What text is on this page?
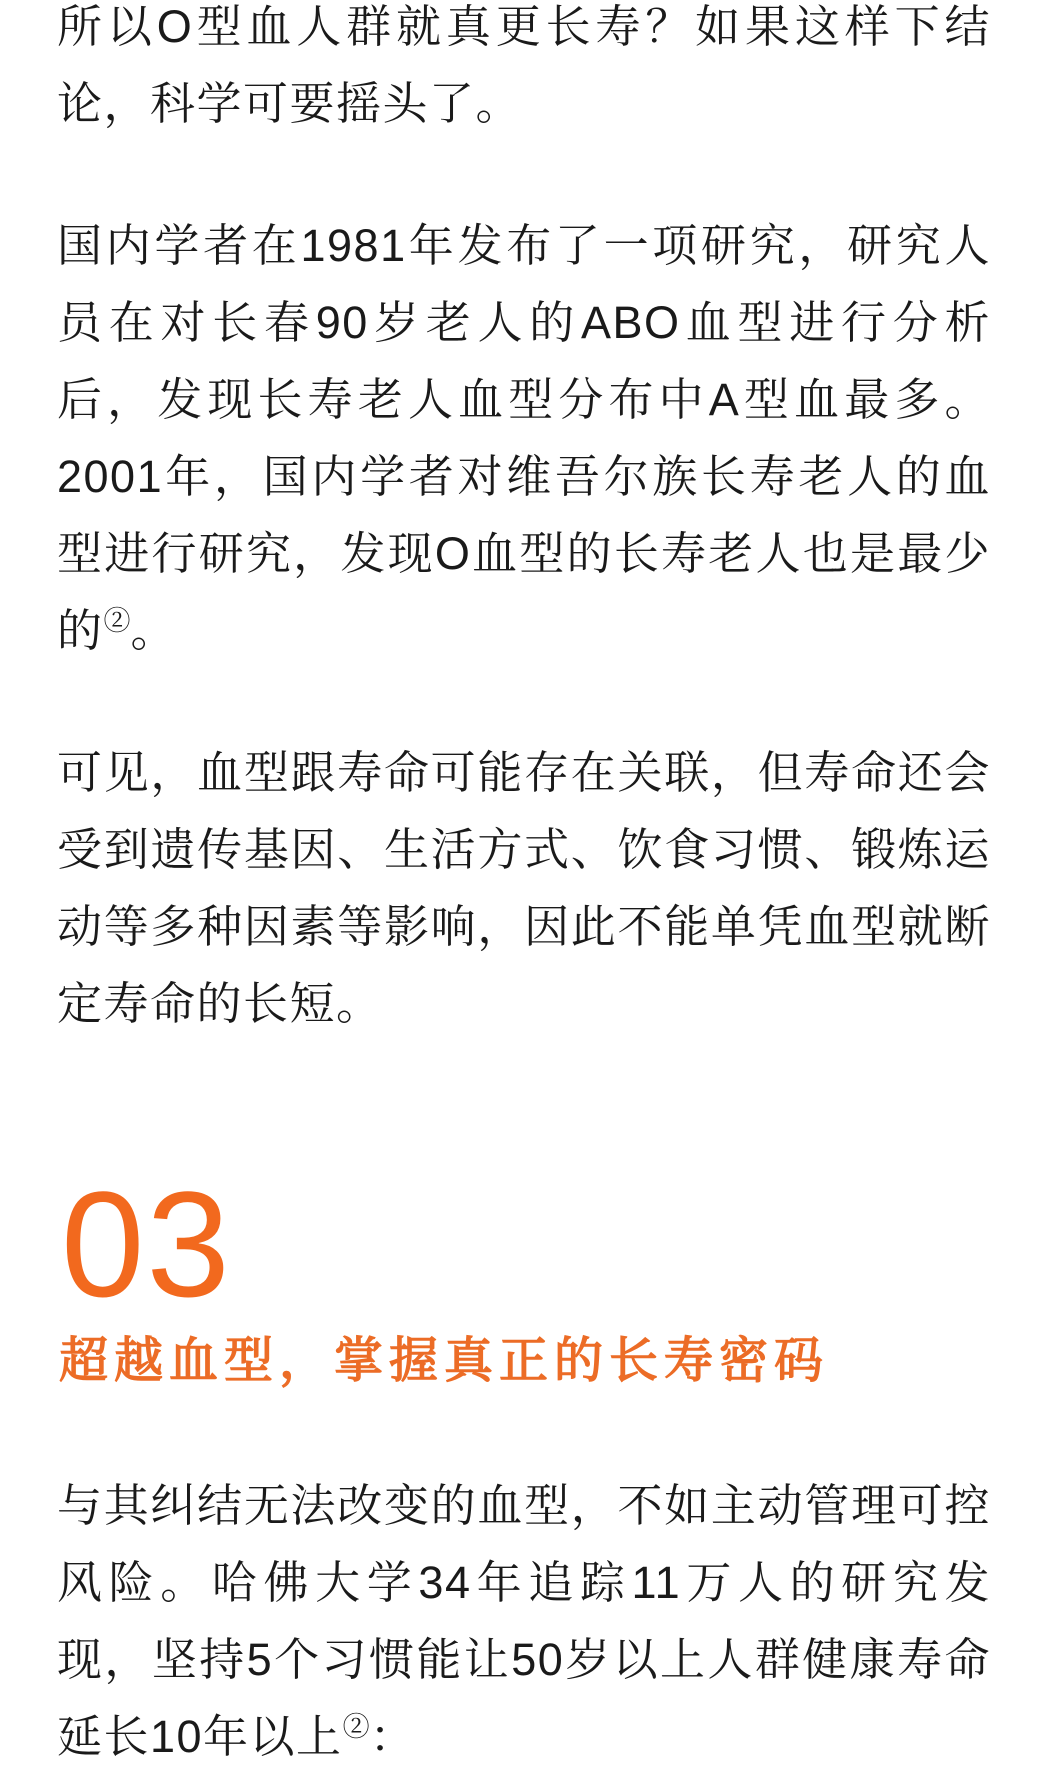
所以O型血人群就真更长寿？如果这样下结论，科学可要摇头了。

国内学者在1981年发布了一项研究，研究人员在对长春90岁老人的ABO血型进行分析后，发现长寿老人血型分布中A型血最多。2001年，国内学者对维吾尔族长寿老人的血型进行研究，发现O血型的长寿老人也是最少的②。

可见，血型跟寿命可能存在关联，但寿命还会受到遗传基因、生活方式、饮食习惯、锻炼运动等多种因素等影响，因此不能单凭血型就断定寿命的长短。

03
超越血型，掌握真正的长寿密码

与其纠结无法改变的血型，不如主动管理可控风险。哈佛大学34年追踪11万人的研究发现，坚持5个习惯能让50岁以上人群健康寿命延长10年以上②：
